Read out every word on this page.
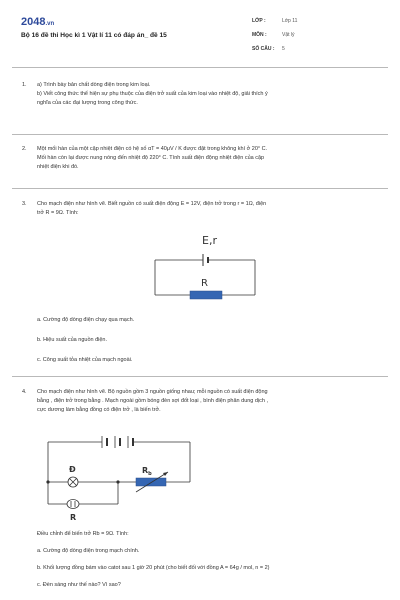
2048.vn
Bộ 16 đề thi Học kì 1 Vật lí 11 có đáp án_ đề 15
LỚP :	Lớp 11
MÔN :	Vật lý
SỐ CÂU : 5
1. a) Trình bày bản chất dòng điện trong kim loại.

b) Viết công thức thể hiện sự phụ thuộc của điện trở suất của kim loại vào nhiệt độ, giải thích ý

nghĩa của các đại lượng trong công thức.

2. Một mối hàn của một cặp nhiệt điện có hệ số αT = 40μV / K được đặt trong không khí ở 20° C.

Mối hàn còn lại được nung nóng đến nhiệt độ 220° C. Tính suất điện động nhiệt điện của cặp

nhiệt điện khi đó.

3. Cho mạch điện như hình vẽ. Biết nguồn có suất điện động E = 12V, điện trở trong r = 1Ω, điện

trở R = 9Ω. Tính:

E,r
R

a. Cường độ dòng điện chạy qua mạch.

b. Hiệu suất của nguồn điện.

c. Công suất tỏa nhiệt của mạch ngoài.

4. Cho mạch điện như hình vẽ. Bộ nguồn gồm 3 nguồn giống nhau; mỗi nguồn có suất điện động

bằng , điện trở trong bằng . Mạch ngoài gồm bóng đèn sợi đốt loại , bình điện phân dung dịch ,

cực dương làm bằng đồng có điện trở , là biến trở.

Đ	$R_b$
R

Điều chỉnh để biến trở Rb = 9Ω. Tính:

a. Cường độ dòng điện trong mạch chính.

b. Khối lượng đồng bám vào catot sau 1 giờ 20 phút (cho biết đối với đồng A = 64g / mol, n = 2)

c. Đèn sáng như thế nào? Vì sao?
